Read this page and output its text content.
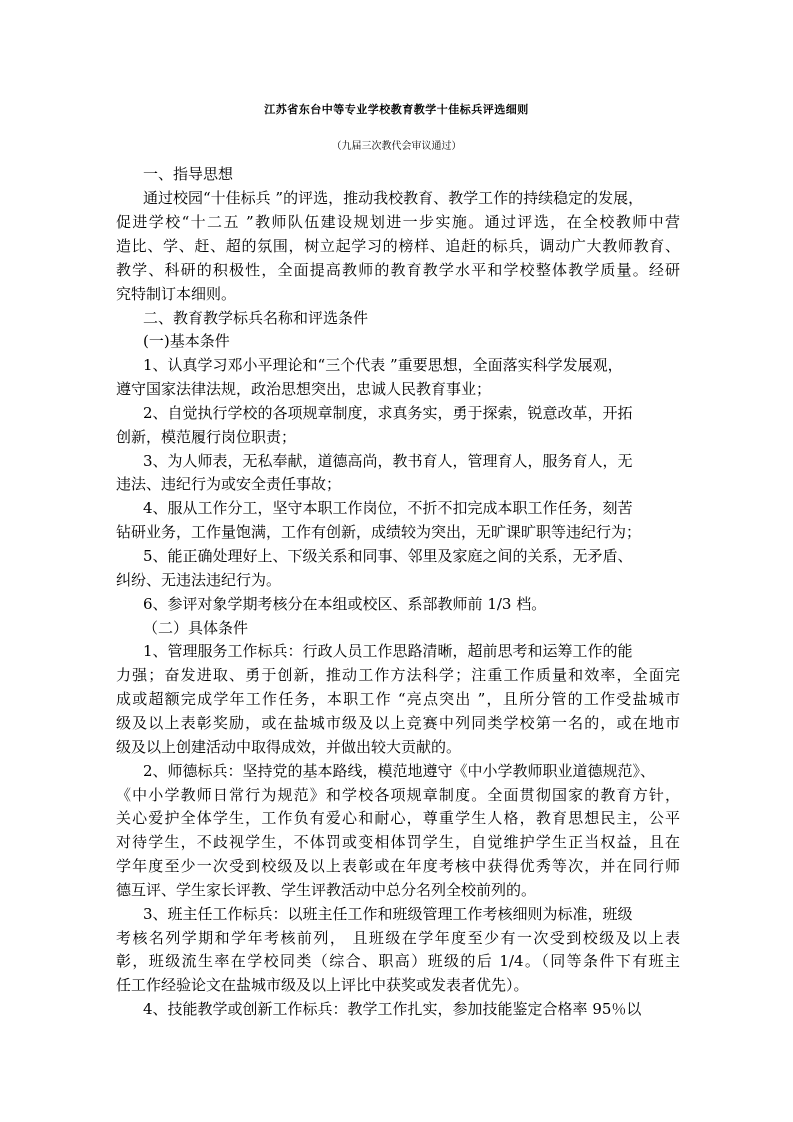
江苏省东台中等专业学校教育教学十佳标兵评选细则
（九届三次教代会审议通过）
一、指导思想
通过校园“十佳标兵 ”的评选，推动我校教育、教学工作的持续稳定的发展，
促进学校“十二五 ”教师队伍建设规划进一步实施。通过评选，在全校教师中营
造比、学、赶、超的氛围，树立起学习的榜样、追赶的标兵，调动广大教师教育、
教学、科研的积极性，全面提高教师的教育教学水平和学校整体教学质量。经研
究特制订本细则。
二、教育教学标兵名称和评选条件
(一)基本条件
1、认真学习邓小平理论和“三个代表 ”重要思想，全面落实科学发展观，
遵守国家法律法规，政治思想突出，忠诚人民教育事业；
2、自觉执行学校的各项规章制度，求真务实，勇于探索，锐意改革，开拓
创新，模范履行岗位职责；
3、为人师表，无私奉献，道德高尚，教书育人，管理育人，服务育人，无
违法、违纪行为或安全责任事故；
4、服从工作分工，坚守本职工作岗位，不折不扣完成本职工作任务，刻苦
钻研业务，工作量饱满，工作有创新，成绩较为突出，无旷课旷职等违纪行为；
5、能正确处理好上、下级关系和同事、邻里及家庭之间的关系，无矛盾、
纠纷、无违法违纪行为。
6、参评对象学期考核分在本组或校区、系部教师前 1/3 档。
（二）具体条件
1、管理服务工作标兵：行政人员工作思路清晰，超前思考和运筹工作的能
力强；奋发进取、勇于创新，推动工作方法科学；注重工作质量和效率，全面完
成或超额完成学年工作任务，本职工作 “亮点突出 ”，且所分管的工作受盐城市
级及以上表彰奖励，或在盐城市级及以上竞赛中列同类学校第一名的，或在地市
级及以上创建活动中取得成效，并做出较大贡献的。
2、师德标兵：坚持党的基本路线，模范地遵守《中小学教师职业道德规范》、
《中小学教师日常行为规范》和学校各项规章制度。全面贯彻国家的教育方针，
关心爱护全体学生，工作负有爱心和耐心，尊重学生人格，教育思想民主，公平
对待学生，不歧视学生，不体罚或变相体罚学生，自觉维护学生正当权益，且在
学年度至少一次受到校级及以上表彰或在年度考核中获得优秀等次，并在同行师
德互评、学生家长评教、学生评教活动中总分名列全校前列的。
3、班主任工作标兵：以班主任工作和班级管理工作考核细则为标准，班级
考核名列学期和学年考核前列， 且班级在学年度至少有一次受到校级及以上表
彰，班级流生率在学校同类（综合、职高）班级的后 1/4。（同等条件下有班主
任工作经验论文在盐城市级及以上评比中获奖或发表者优先）。
4、技能教学或创新工作标兵：教学工作扎实，参加技能鉴定合格率 95％以
